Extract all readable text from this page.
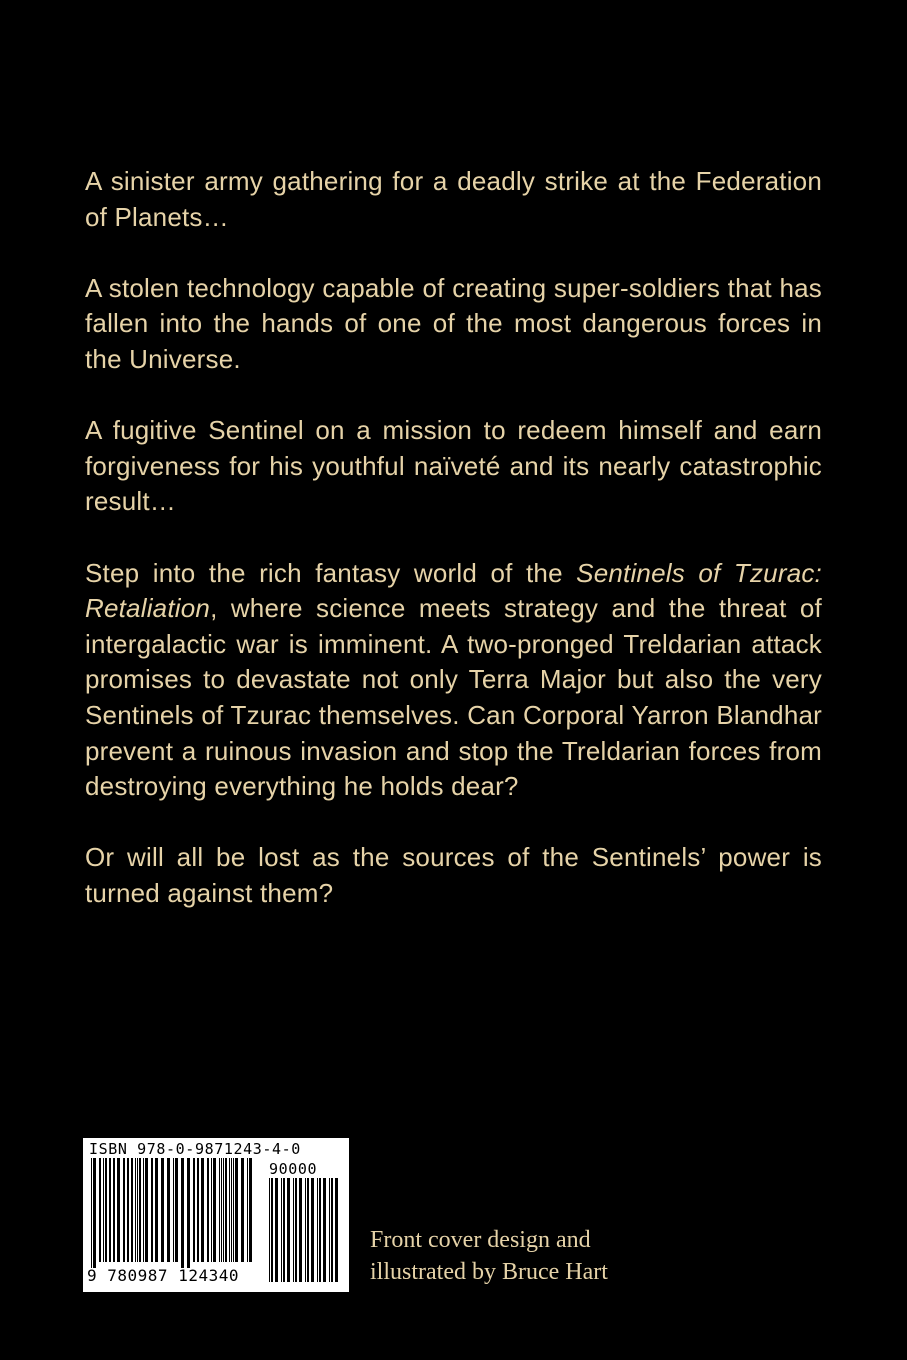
A sinister army gathering for a deadly strike at the Federation of Planets…

A stolen technology capable of creating super-soldiers that has fallen into the hands of one of the most dangerous forces in the Universe.

A fugitive Sentinel on a mission to redeem himself and earn forgiveness for his youthful naïveté and its nearly catastrophic result…

Step into the rich fantasy world of the Sentinels of Tzurac: Retaliation, where science meets strategy and the threat of intergalactic war is imminent. A two-pronged Treldarian attack promises to devastate not only Terra Major but also the very Sentinels of Tzurac themselves. Can Corporal Yarron Blandhar prevent a ruinous invasion and stop the Treldarian forces from destroying everything he holds dear?

Or will all be lost as the sources of the Sentinels’ power is turned against them?

ISBN 978-0-9871243-4-0
90000
9 780987 124340
Front cover design and
illustrated by Bruce Hart
